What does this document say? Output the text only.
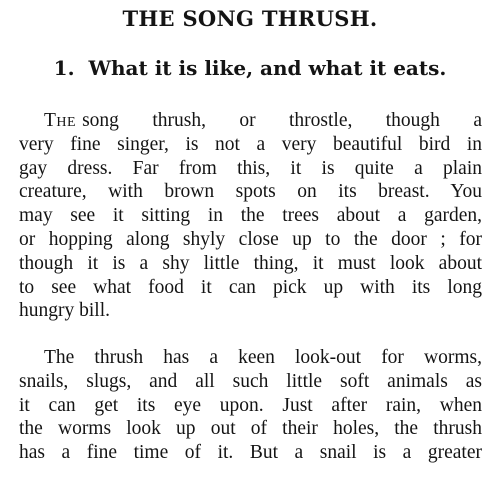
THE SONG THRUSH.
1. What it is like, and what it eats.
The song thrush, or throstle, though a
very fine singer, is not a very beautiful bird in
gay dress. Far from this, it is quite a plain
creature, with brown spots on its breast. You
may see it sitting in the trees about a garden,
or hopping along shyly close up to the door ; for
though it is a shy little thing, it must look about
to see what food it can pick up with its long
hungry bill.
The thrush has a keen look-out for worms,
snails, slugs, and all such little soft animals as
it can get its eye upon. Just after rain, when
the worms look up out of their holes, the thrush
has a fine time of it. But a snail is a greater
